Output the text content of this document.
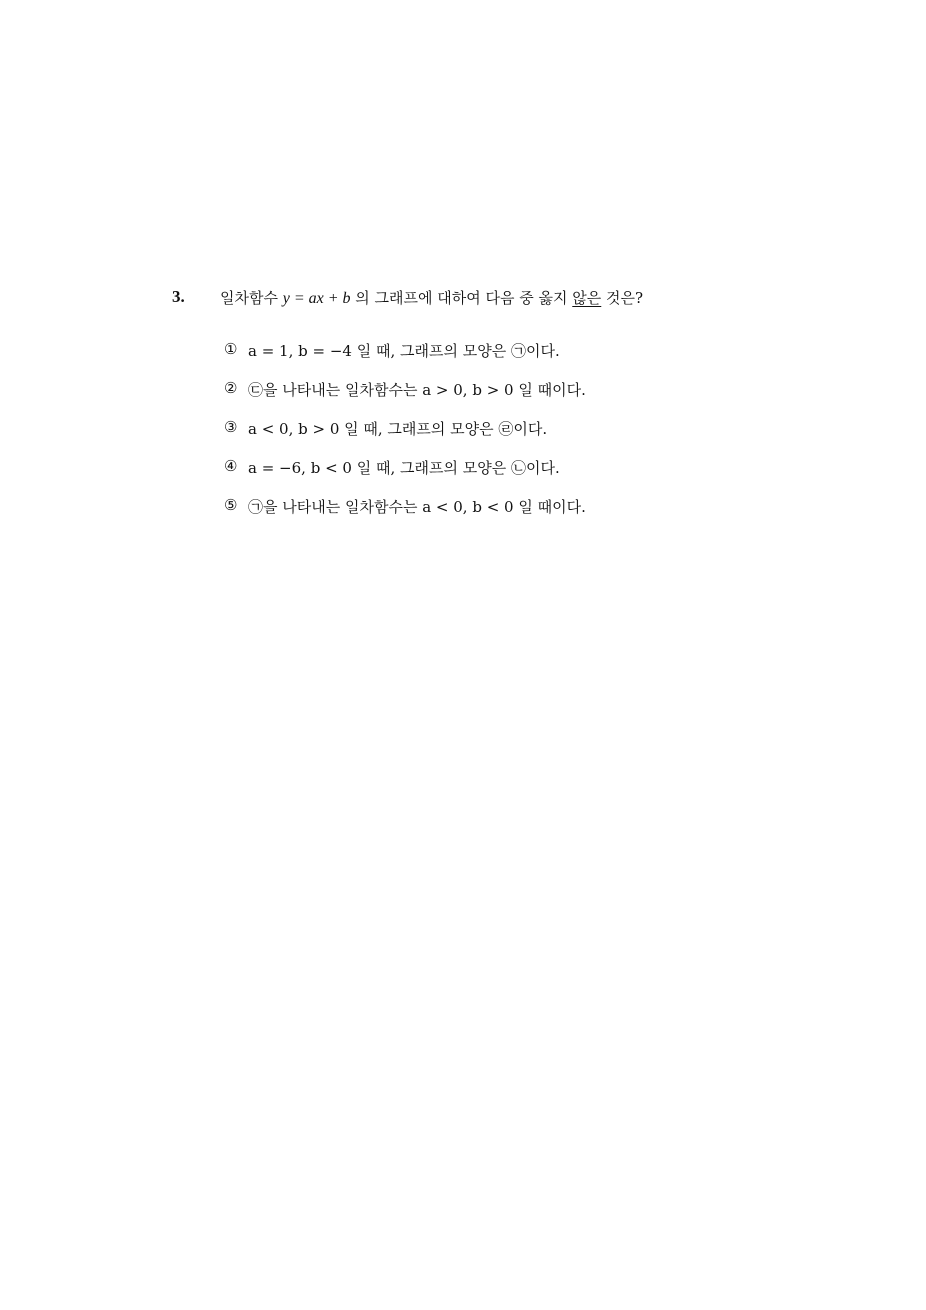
3. 일차함수 y = ax + b 의 그래프에 대하여 다음 중 옳지 않은 것은?
① a = 1, b = −4 일 때, 그래프의 모양은 ㉠이다.
② ㉢을 나타내는 일차함수는 a > 0, b > 0 일 때이다.
③ a < 0, b > 0 일 때, 그래프의 모양은 ㉣이다.
④ a = −6, b < 0 일 때, 그래프의 모양은 ㉡이다.
⑤ ㉠을 나타내는 일차함수는 a < 0, b < 0 일 때이다.
